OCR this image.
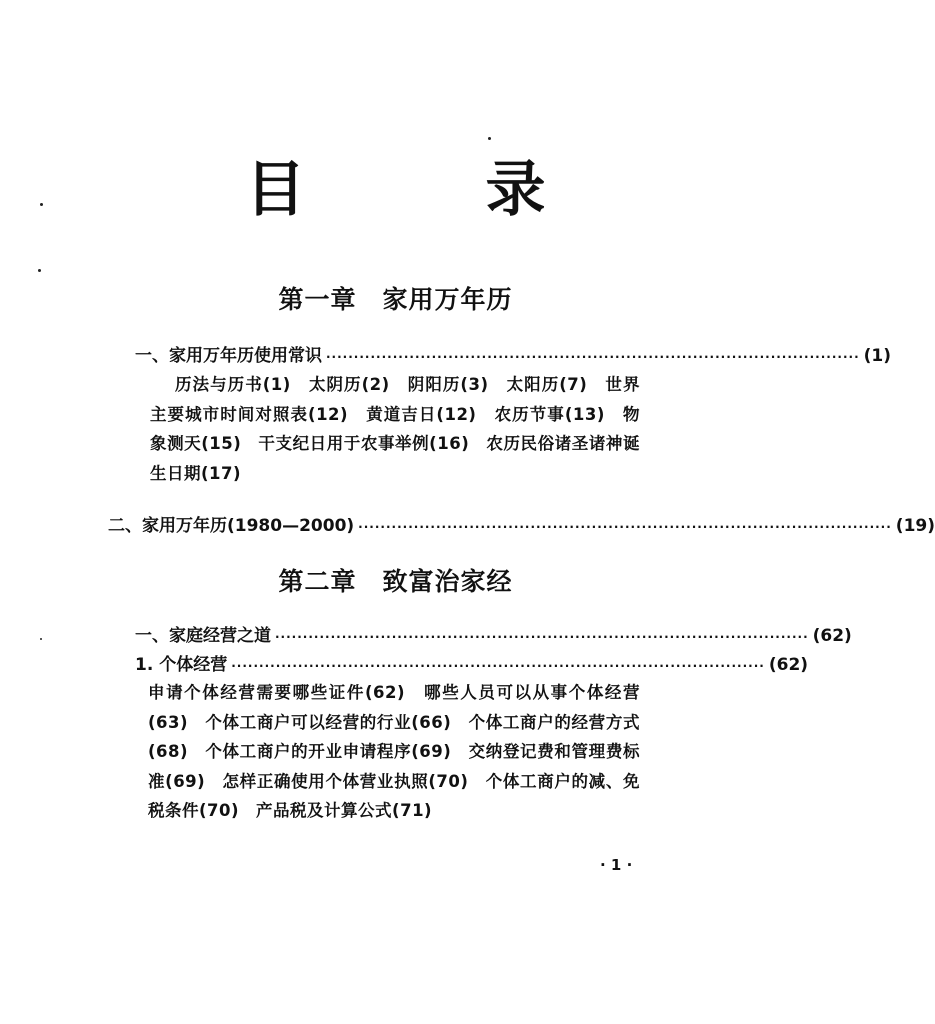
目　录
第一章　家用万年历
一、家用万年历使用常识 ································································································ (1)
历法与历书(1)　太阴历(2)　阴阳历(3)　太阳历(7)　世界主要城市时间对照表(12)　黄道吉日(12)　农历节事(13)　物象测天(15)　干支纪日用于农事举例(16)　农历民俗诸圣诸神诞生日期(17)
二、家用万年历(1980—2000) ································································································ (19)
第二章　致富治家经
一、家庭经营之道 ································································································ (62)
1. 个体经营 ································································································ (62)
申请个体经营需要哪些证件(62)　哪些人员可以从事个体经营(63)　个体工商户可以经营的行业(66)　个体工商户的经营方式(68)　个体工商户的开业申请程序(69)　交纳登记费和管理费标准(69)　怎样正确使用个体营业执照(70)　个体工商户的减、免税条件(70)　产品税及计算公式(71)
· 1 ·
